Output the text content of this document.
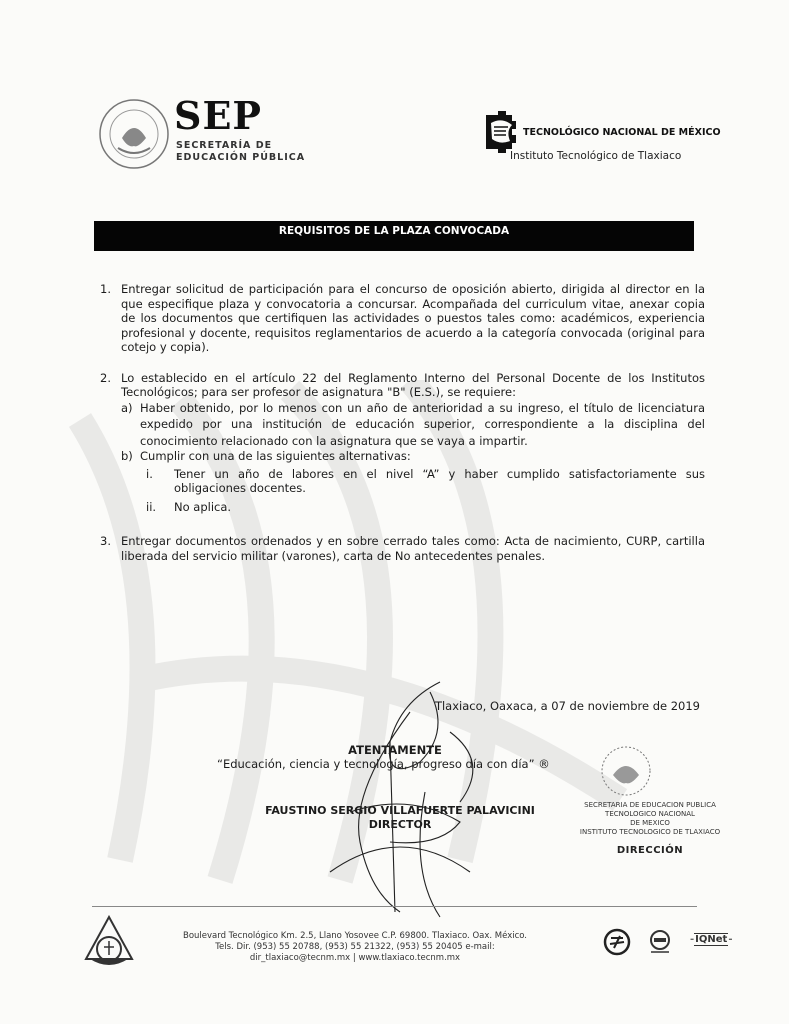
SEP
SECRETARÍA DE
EDUCACIÓN PÚBLICA
TECNOLÓGICO NACIONAL DE MÉXICO
Instituto Tecnológico de Tlaxiaco
REQUISITOS DE LA PLAZA CONVOCADA
1. Entregar solicitud de participación para el concurso de oposición abierto, dirigida al director en la que especifique plaza y convocatoria a concursar. Acompañada del curriculum vitae, anexar copia de los documentos que certifiquen las actividades o puestos tales como: académicos, experiencia profesional y docente, requisitos reglamentarios de acuerdo a la categoría convocada (original para cotejo y copia).
2. Lo establecido en el artículo 22 del Reglamento Interno del Personal Docente de los Institutos Tecnológicos; para ser profesor de asignatura "B" (E.S.), se requiere:
a) Haber obtenido, por lo menos con un año de anterioridad a su ingreso, el título de licenciatura expedido por una institución de educación superior, correspondiente a la disciplina del conocimiento relacionado con la asignatura que se vaya a impartir.
b) Cumplir con una de las siguientes alternativas:
i. Tener un año de labores en el nivel “A” y haber cumplido satisfactoriamente sus obligaciones docentes.
ii. No aplica.
3. Entregar documentos ordenados y en sobre cerrado tales como: Acta de nacimiento, CURP, cartilla liberada del servicio militar (varones), carta de No antecedentes penales.
Tlaxiaco, Oaxaca, a 07 de noviembre de 2019
ATENTAMENTE
“Educación, ciencia y tecnología, progreso día con día” ®
FAUSTINO SERGIO VILLAFUERTE PALAVICINI
DIRECTOR
SECRETARIA DE EDUCACION PUBLICA
TECNOLOGICO NACIONAL
DE MEXICO
INSTITUTO TECNOLOGICO DE TLAXIACO
DIRECCIÓN
Boulevard Tecnológico Km. 2.5, Llano Yosovee C.P. 69800. Tlaxiaco. Oax. México.
Tels. Dir. (953) 55 20788, (953) 55 21322, (953) 55 20405 e-mail:
dir_tlaxiaco@tecnm.mx | www.tlaxiaco.tecnm.mx
-IQNet-
